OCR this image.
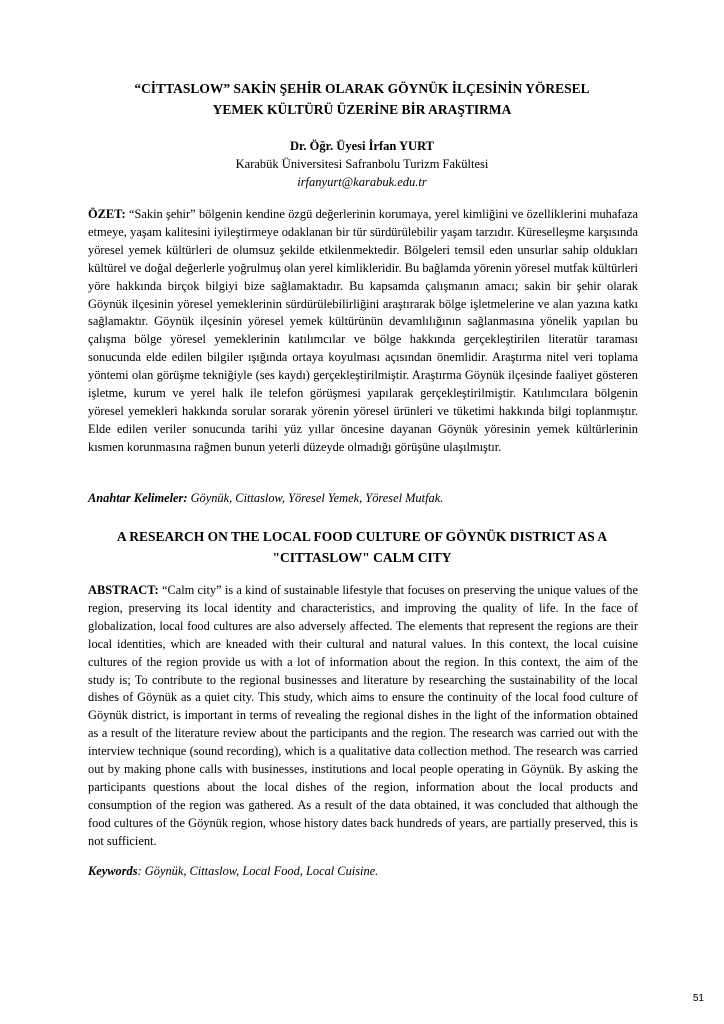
“CİTTASLOW” SAKİN ŞEHİR OLARAK GÖYNÜK İLÇESİNİN YÖRESEL
YEMEK KÜLTÜRÜ ÜZERİNE BİR ARAŞTIRMA
Dr. Öğr. Üyesi İrfan YURT
Karabük Üniversitesi Safranbolu Turizm Fakültesi
irfanyurt@karabuk.edu.tr

ÖZET: “Sakin şehir” bölgenin kendine özgü değerlerinin korumaya, yerel kimliğini ve özelliklerini muhafaza etmeye, yaşam kalitesini iyileştirmeye odaklanan bir tür sürdürülebilir yaşam tarzıdır. Küreselleşme karşısında yöresel yemek kültürleri de olumsuz şekilde etkilenmektedir. Bölgeleri temsil eden unsurlar sahip oldukları kültürel ve doğal değerlerle yoğrulmuş olan yerel kimlikleridir. Bu bağlamda yörenin yöresel mutfak kültürleri yöre hakkında birçok bilgiyi bize sağlamaktadır. Bu kapsamda çalışmanın amacı; sakin bir şehir olarak Göynük ilçesinin yöresel yemeklerinin sürdürülebilirliğini araştırarak bölge işletmelerine ve alan yazına katkı sağlamaktır. Göynük ilçesinin yöresel yemek kültürünün devamlılığının sağlanmasına yönelik yapılan bu çalışma bölge yöresel yemeklerinin katılımcılar ve bölge hakkında gerçekleştirilen literatür taraması sonucunda elde edilen bilgiler ışığında ortaya koyulması açısından önemlidir. Araştırma nitel veri toplama yöntemi olan görüşme tekniğiyle (ses kaydı) gerçekleştirilmiştir. Araştırma Göynük ilçesinde faaliyet gösteren işletme, kurum ve yerel halk ile telefon görüşmesi yapılarak gerçekleştirilmiştir. Katılımcılara bölgenin yöresel yemekleri hakkında sorular sorarak yörenin yöresel ürünleri ve tüketimi hakkında bilgi toplanmıştır. Elde edilen veriler sonucunda tarihi yüz yıllar öncesine dayanan Göynük yöresinin yemek kültürlerinin kısmen korunmasına rağmen bunun yeterli düzeyde olmadığı görüşüne ulaşılmıştır.

Anahtar Kelimeler: Göynük, Cittaslow, Yöresel Yemek, Yöresel Mutfak.

A RESEARCH ON THE LOCAL FOOD CULTURE OF GÖYNÜK DISTRICT AS A
"CITTASLOW" CALM CITY

ABSTRACT: “Calm city” is a kind of sustainable lifestyle that focuses on preserving the unique values of the region, preserving its local identity and characteristics, and improving the quality of life. In the face of globalization, local food cultures are also adversely affected. The elements that represent the regions are their local identities, which are kneaded with their cultural and natural values. In this context, the local cuisine cultures of the region provide us with a lot of information about the region. In this context, the aim of the study is; To contribute to the regional businesses and literature by researching the sustainability of the local dishes of Göynük as a quiet city. This study, which aims to ensure the continuity of the local food culture of Göynük district, is important in terms of revealing the regional dishes in the light of the information obtained as a result of the literature review about the participants and the region. The research was carried out with the interview technique (sound recording), which is a qualitative data collection method. The research was carried out by making phone calls with businesses, institutions and local people operating in Göynük. By asking the participants questions about the local dishes of the region, information about the local products and consumption of the region was gathered. As a result of the data obtained, it was concluded that although the food cultures of the Göynük region, whose history dates back hundreds of years, are partially preserved, this is not sufficient.

Keywords: Göynük, Cittaslow, Local Food, Local Cuisine.

51
